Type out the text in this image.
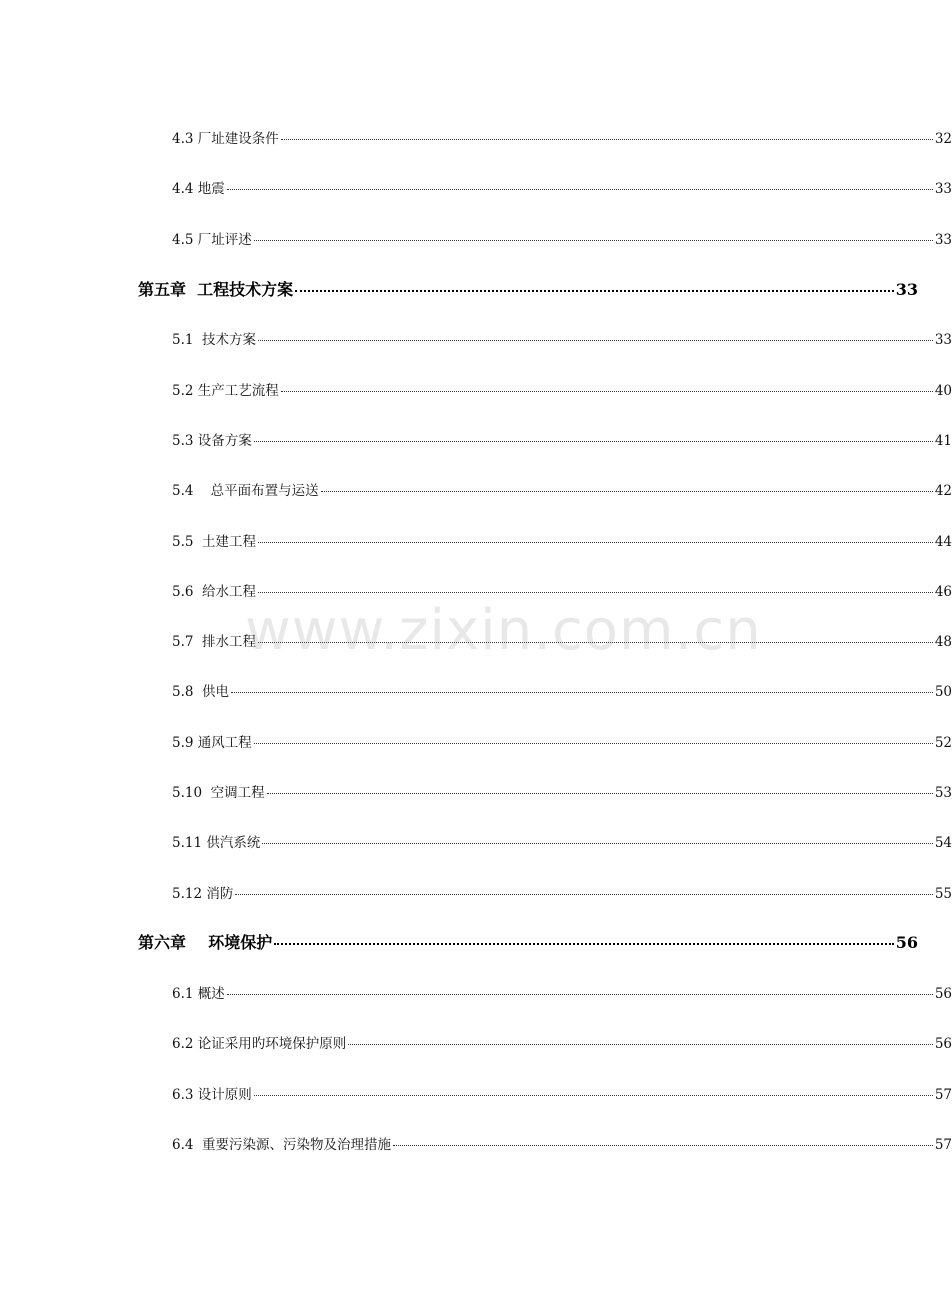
4.3 厂址建设条件	32
4.4 地震	33
4.5 厂址评述	33
第五章  工程技术方案	33
5.1  技术方案	33
5.2 生产工艺流程	40
5.3 设备方案	41
5.4    总平面布置与运送	42
5.5  土建工程	44
5.6  给水工程	46
5.7  排水工程	48
5.8  供电	50
5.9 通风工程	52
5.10  空调工程	53
5.11 供汽系统	54
5.12 消防	55
第六章    环境保护	56
6.1 概述	56
6.2 论证采用旳环境保护原则	56
6.3 设计原则	57
6.4  重要污染源、污染物及治理措施	57
www.zixin.com.cn
